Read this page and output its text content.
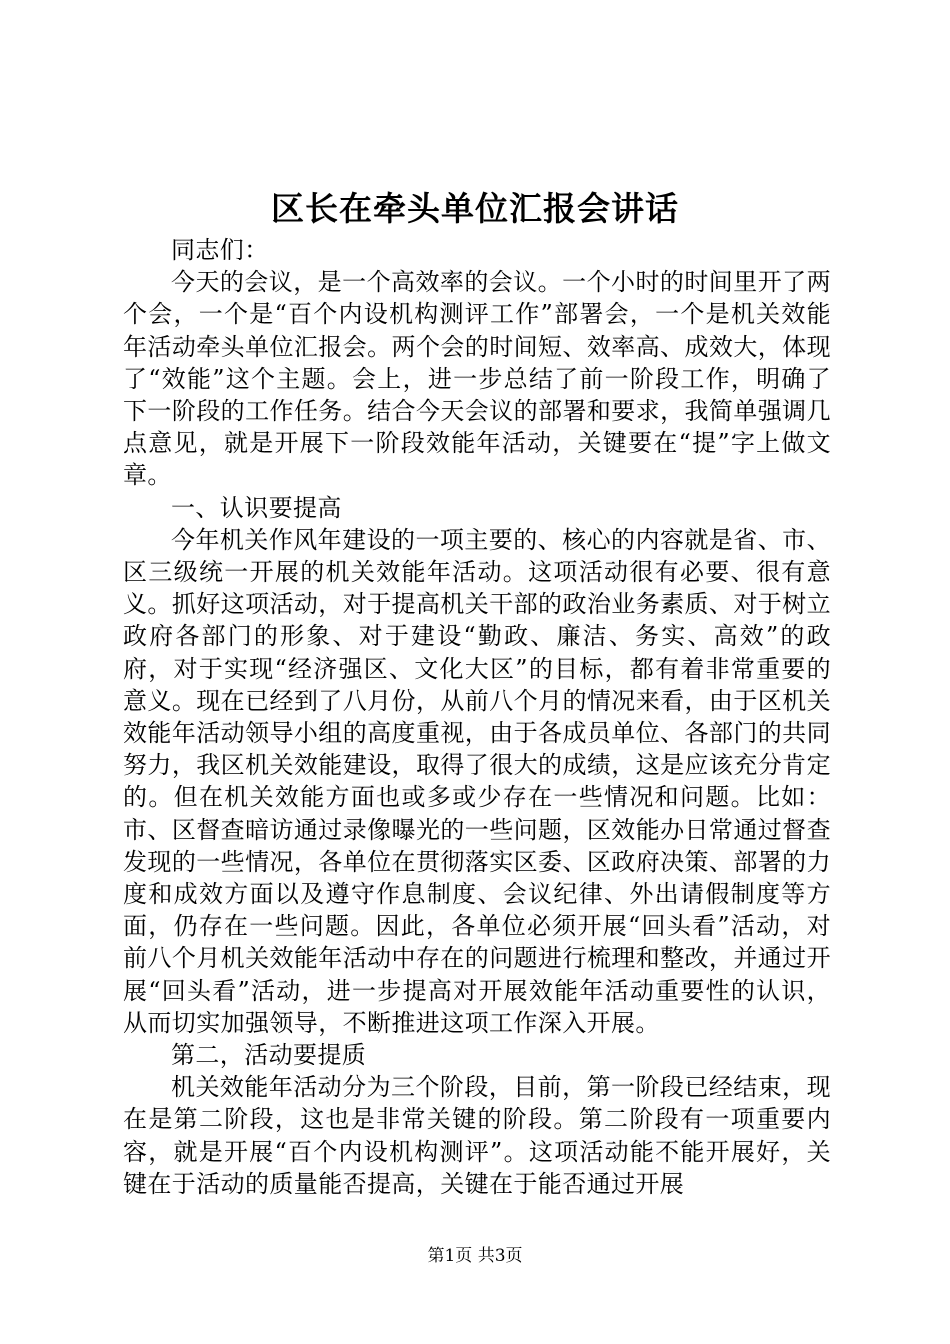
区长在牵头单位汇报会讲话

同志们：

今天的会议，是一个高效率的会议。一个小时的时间里开了两个会，一个是“百个内设机构测评工作”部署会，一个是机关效能年活动牵头单位汇报会。两个会的时间短、效率高、成效大，体现了“效能”这个主题。会上，进一步总结了前一阶段工作，明确了下一阶段的工作任务。结合今天会议的部署和要求，我简单强调几点意见，就是开展下一阶段效能年活动，关键要在“提”字上做文章。

一、认识要提高

今年机关作风年建设的一项主要的、核心的内容就是省、市、区三级统一开展的机关效能年活动。这项活动很有必要、很有意义。抓好这项活动，对于提高机关干部的政治业务素质、对于树立政府各部门的形象、对于建设“勤政、廉洁、务实、高效”的政府，对于实现“经济强区、文化大区”的目标，都有着非常重要的意义。现在已经到了八月份，从前八个月的情况来看，由于区机关效能年活动领导小组的高度重视，由于各成员单位、各部门的共同努力，我区机关效能建设，取得了很大的成绩，这是应该充分肯定的。但在机关效能方面也或多或少存在一些情况和问题。比如：市、区督查暗访通过录像曝光的一些问题，区效能办日常通过督查发现的一些情况，各单位在贯彻落实区委、区政府决策、部署的力度和成效方面以及遵守作息制度、会议纪律、外出请假制度等方面，仍存在一些问题。因此，各单位必须开展“回头看”活动，对前八个月机关效能年活动中存在的问题进行梳理和整改，并通过开展“回头看”活动，进一步提高对开展效能年活动重要性的认识，从而切实加强领导，不断推进这项工作深入开展。

第二，活动要提质

机关效能年活动分为三个阶段，目前，第一阶段已经结束，现在是第二阶段，这也是非常关键的阶段。第二阶段有一项重要内容，就是开展“百个内设机构测评”。这项活动能不能开展好，关键在于活动的质量能否提高，关键在于能否通过开展

第1页 共3页
